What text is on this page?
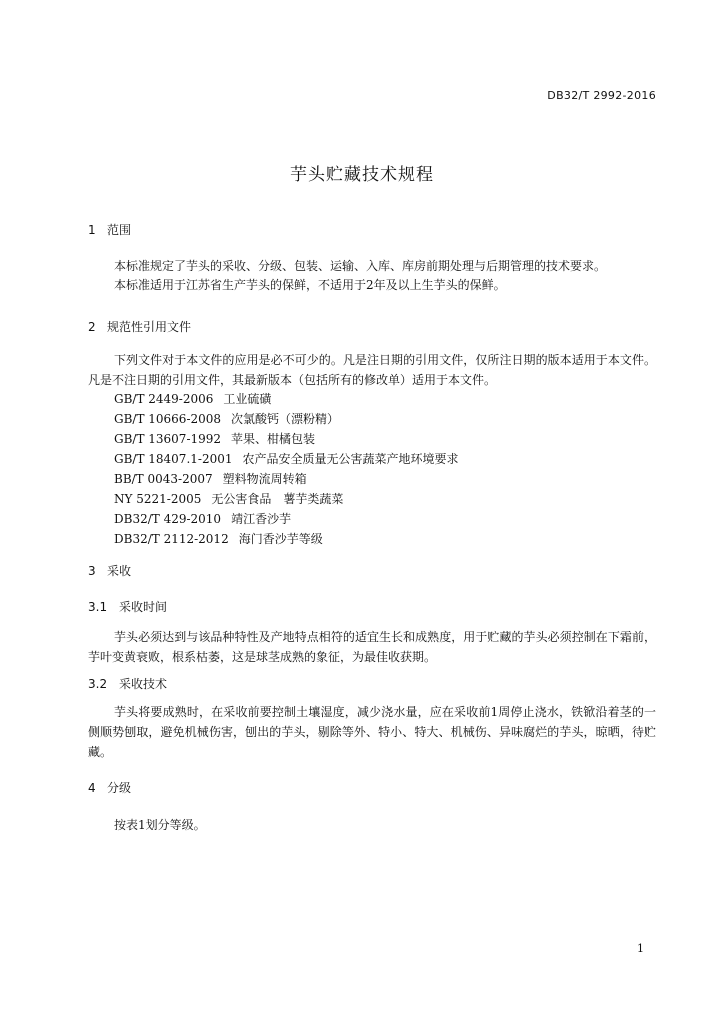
DB32/T 2992-2016
芋头贮藏技术规程
1 范围
本标准规定了芋头的采收、分级、包装、运输、入库、库房前期处理与后期管理的技术要求。
本标准适用于江苏省生产芋头的保鲜，不适用于2年及以上生芋头的保鲜。
2 规范性引用文件
下列文件对于本文件的应用是必不可少的。凡是注日期的引用文件，仅所注日期的版本适用于本文件。凡是不注日期的引用文件，其最新版本（包括所有的修改单）适用于本文件。
GB/T 2449-2006 工业硫磺
GB/T 10666-2008 次氯酸钙（漂粉精）
GB/T 13607-1992 苹果、柑橘包装
GB/T 18407.1-2001 农产品安全质量无公害蔬菜产地环境要求
BB/T 0043-2007 塑料物流周转箱
NY 5221-2005 无公害食品　薯芋类蔬菜
DB32/T 429-2010 靖江香沙芋
DB32/T 2112-2012 海门香沙芋等级
3 采收
3.1 采收时间
芋头必须达到与该品种特性及产地特点相符的适宜生长和成熟度，用于贮藏的芋头必须控制在下霜前，芋叶变黄衰败，根系枯萎，这是球茎成熟的象征，为最佳收获期。
3.2 采收技术
芋头将要成熟时，在采收前要控制土壤湿度，减少浇水量，应在采收前1周停止浇水，铁锨沿着茎的一侧顺势刨取，避免机械伤害，刨出的芋头，剔除等外、特小、特大、机械伤、异味腐烂的芋头，晾晒，待贮藏。
4 分级
按表1划分等级。
1
